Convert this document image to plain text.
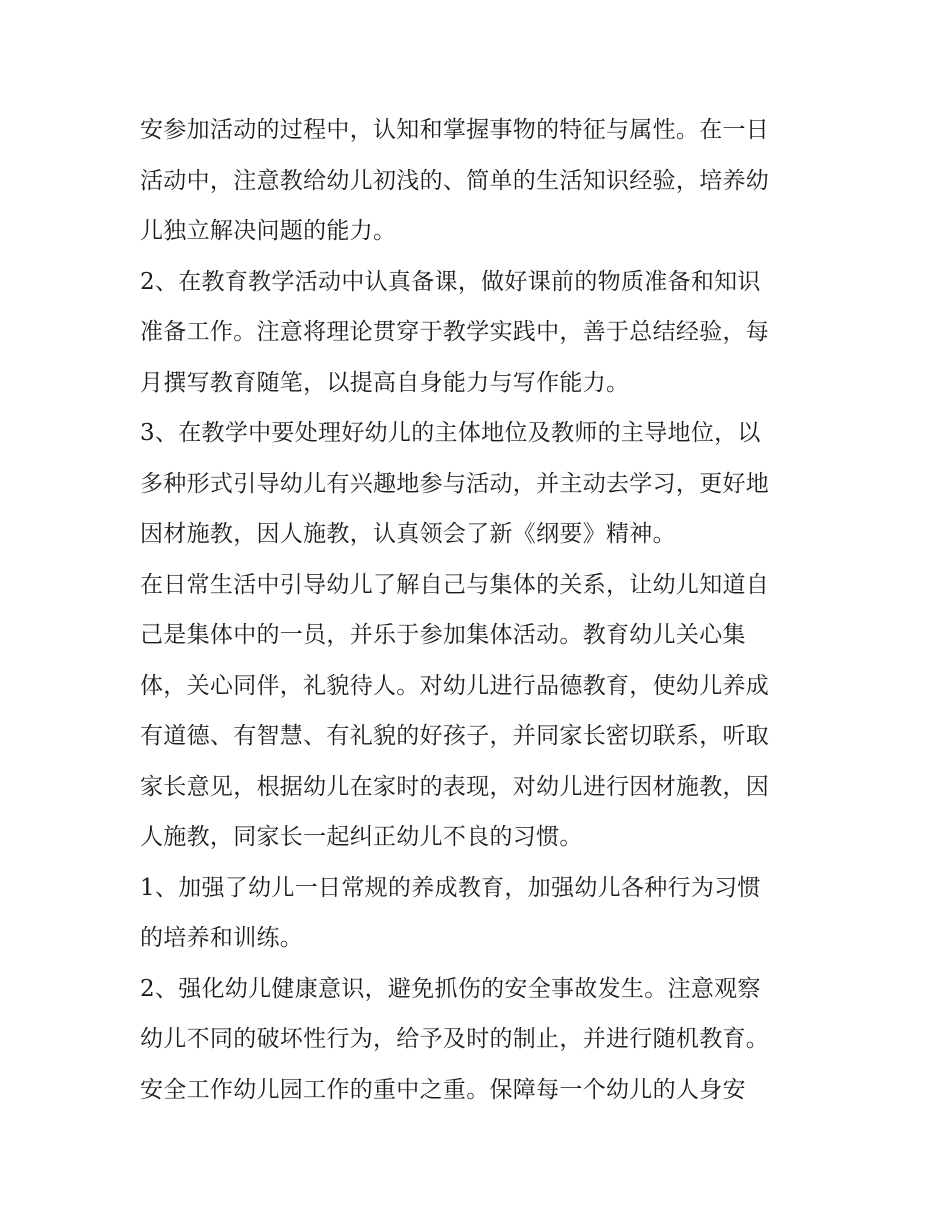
安参加活动的过程中，认知和掌握事物的特征与属性。在一日
活动中，注意教给幼儿初浅的、简单的生活知识经验，培养幼
儿独立解决问题的能力。
2、在教育教学活动中认真备课，做好课前的物质准备和知识
准备工作。注意将理论贯穿于教学实践中，善于总结经验，每
月撰写教育随笔，以提高自身能力与写作能力。
3、在教学中要处理好幼儿的主体地位及教师的主导地位，以
多种形式引导幼儿有兴趣地参与活动，并主动去学习，更好地
因材施教，因人施教，认真领会了新《纲要》精神。
在日常生活中引导幼儿了解自己与集体的关系，让幼儿知道自
己是集体中的一员，并乐于参加集体活动。教育幼儿关心集
体，关心同伴，礼貌待人。对幼儿进行品德教育，使幼儿养成
有道德、有智慧、有礼貌的好孩子，并同家长密切联系，听取
家长意见，根据幼儿在家时的表现，对幼儿进行因材施教，因
人施教，同家长一起纠正幼儿不良的习惯。
1、加强了幼儿一日常规的养成教育，加强幼儿各种行为习惯
的培养和训练。
2、强化幼儿健康意识，避免抓伤的安全事故发生。注意观察
幼儿不同的破坏性行为，给予及时的制止，并进行随机教育。
安全工作幼儿园工作的重中之重。保障每一个幼儿的人身安
